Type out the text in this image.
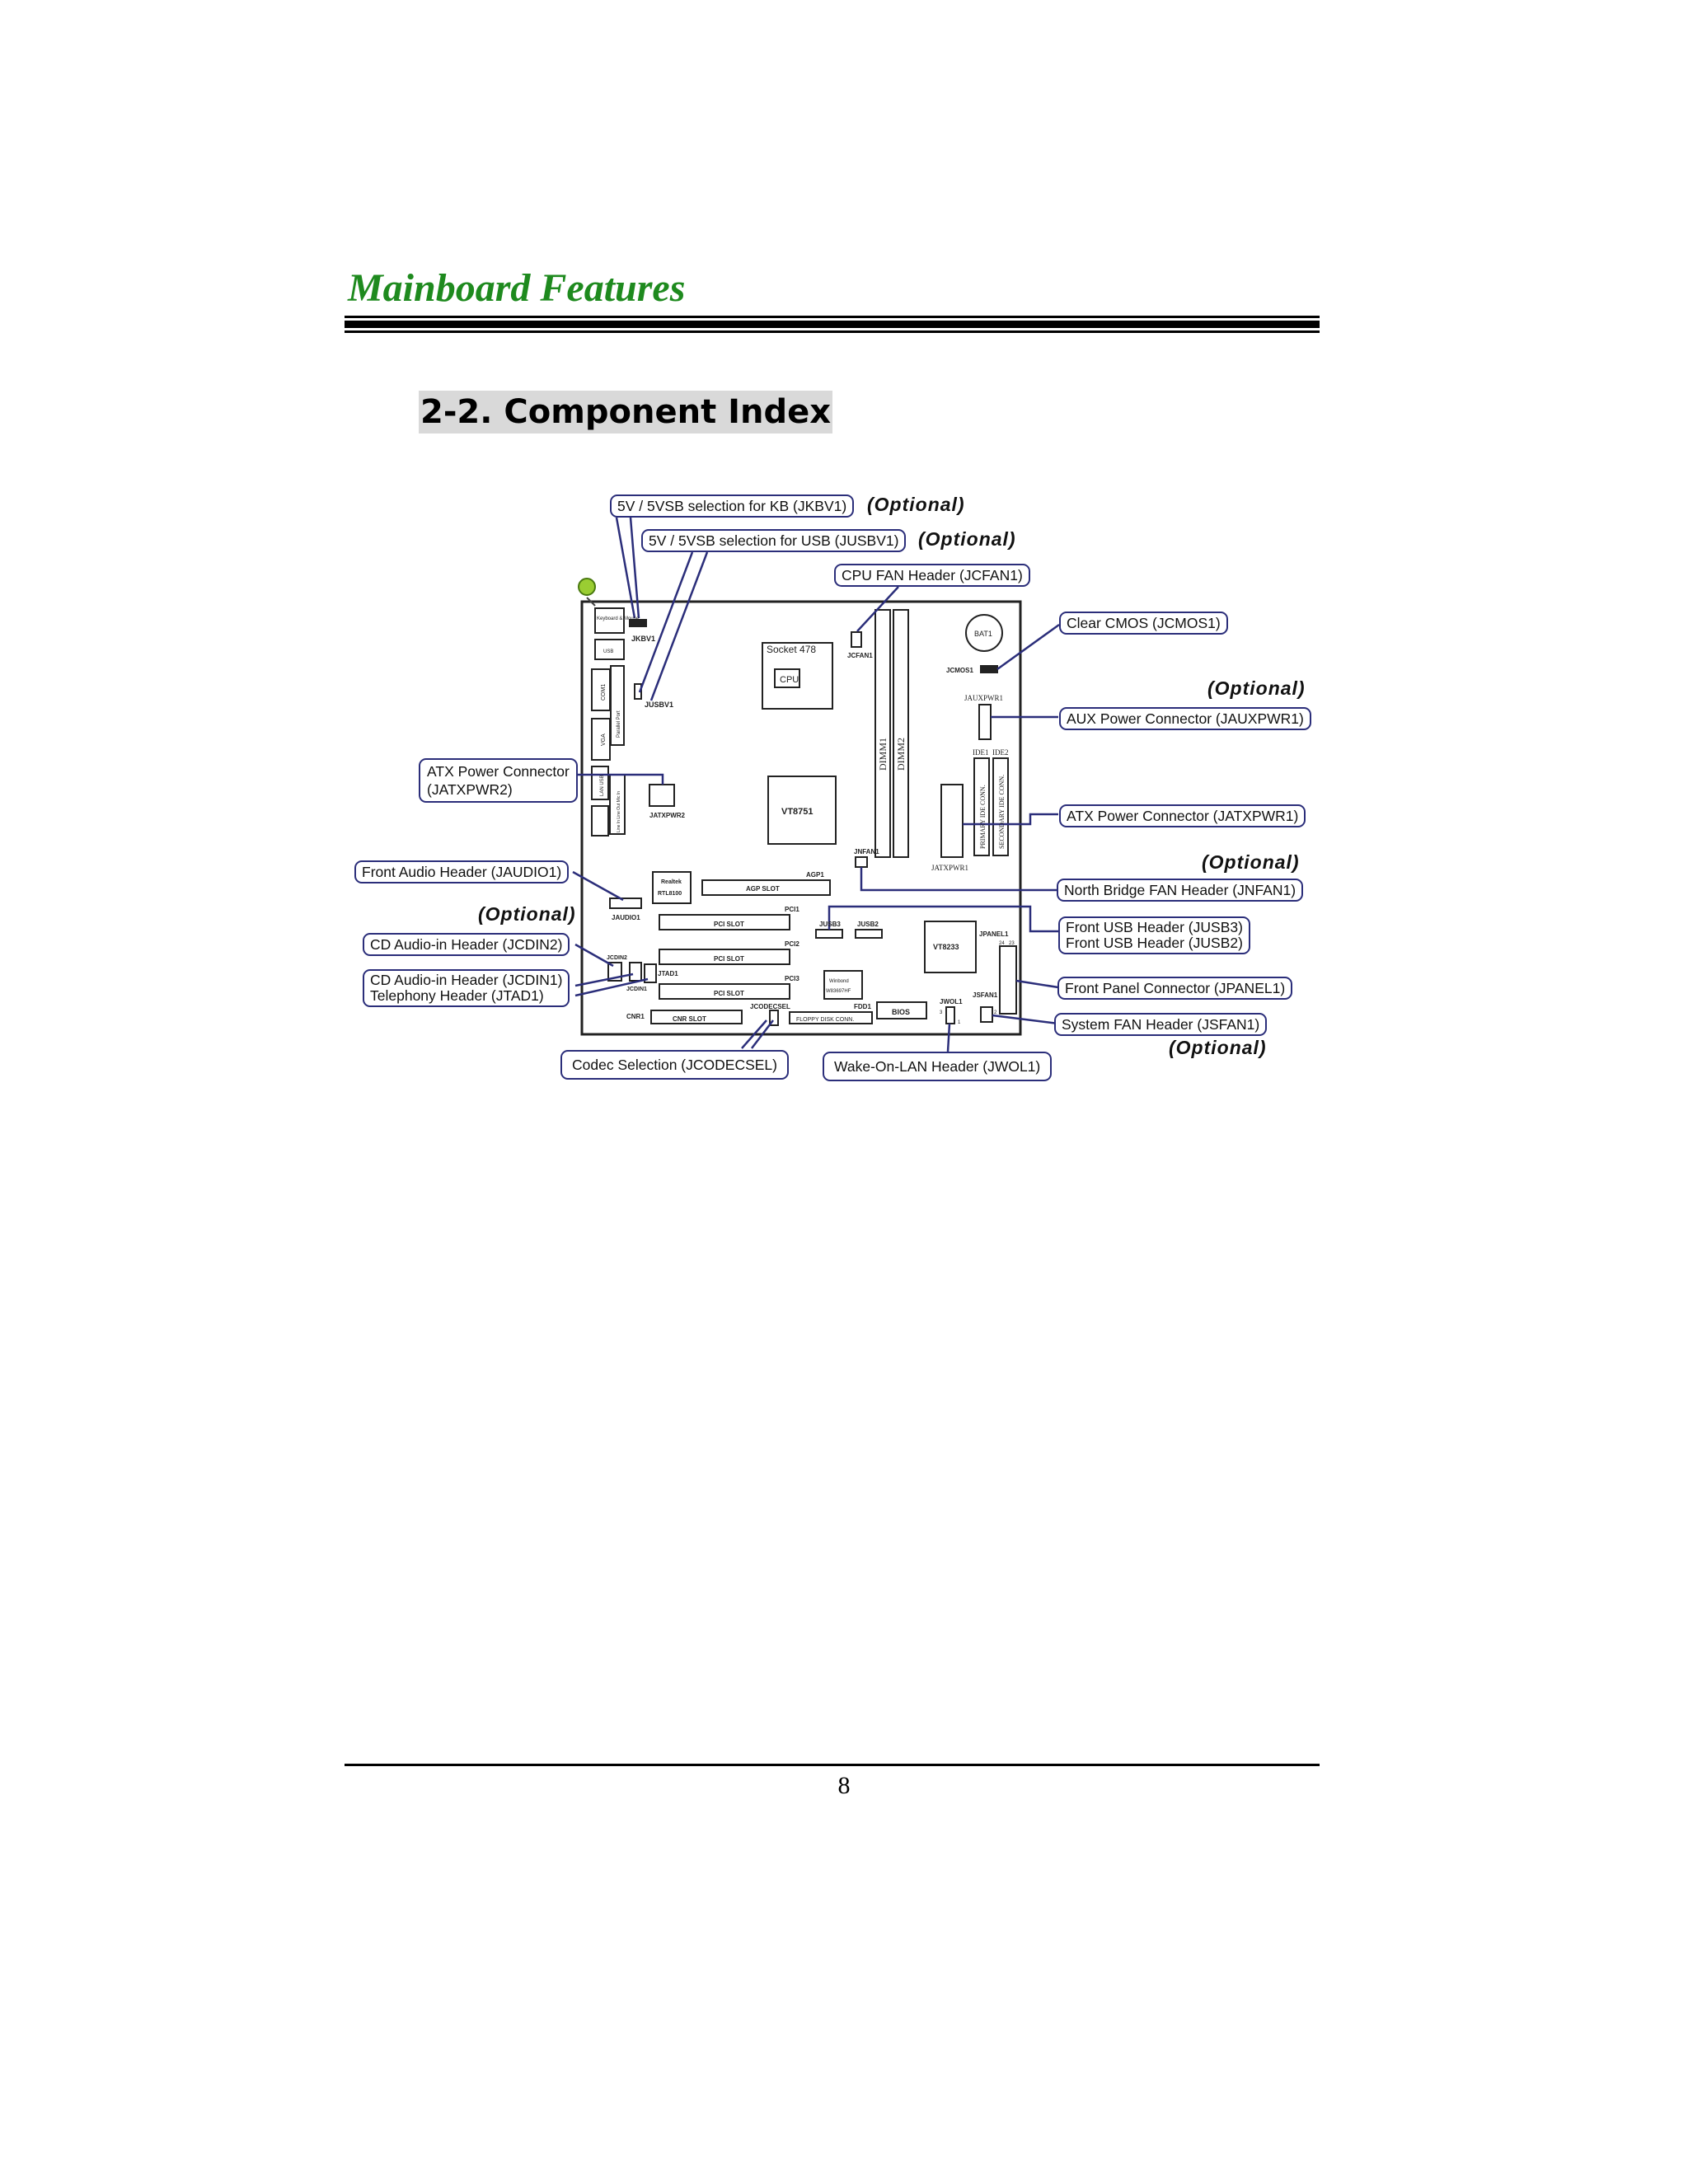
Mainboard Features
2-2. Component Index
Keyboard & Mouse
USB
JKBV1
JUSBV1
Socket 478
CPU
JCFAN1
BAT1
JCMOS1
JAUXPWR1
IDE1 IDE2
DIMM1 DIMM2
PRIMARY IDE CONN. SECONDARY IDE CONN.
COM1
Parallel Port
VGA
LAN USB
Line In Line Out Mic In	JATXPWR2	VT8751
JATXPWR1
JNFAN1
Realtek
RTL8100
AGP SLOT
AGP1
JAUDIO1
PCI SLOT
PCI SLOT
PCI SLOT
PCI1
PCI2
PCI3
JUSB3	JUSB2
VT8233
JPANEL1
24 23
JCDIN2
JCDIN1
JTAD1
Winbond
W83697HF	JSFAN1
2
CNR1	CNR SLOT
JCODECSEL	FDD1
FLOPPY DISK CONN.
BIOS
JWOL1
3
1
5V / 5VSB selection for KB (JKBV1)	(Optional)
5V / 5VSB selection for USB (JUSBV1)	(Optional)
CPU FAN Header (JCFAN1)
Clear CMOS (JCMOS1)
(Optional)
AUX Power Connector (JAUXPWR1)
ATX Power Connector
(JATXPWR2)
ATX Power Connector (JATXPWR1)
(Optional)
Front Audio Header (JAUDIO1)
North Bridge FAN Header (JNFAN1)
(Optional)
Front USB Header (JUSB3)
Front USB Header (JUSB2)
CD Audio-in Header (JCDIN2)
CD Audio-in Header (JCDIN1)
Telephony Header (JTAD1)	Front Panel Connector (JPANEL1)
System FAN Header (JSFAN1)
(Optional)
Codec Selection (JCODECSEL)	Wake-On-LAN Header (JWOL1)
8
